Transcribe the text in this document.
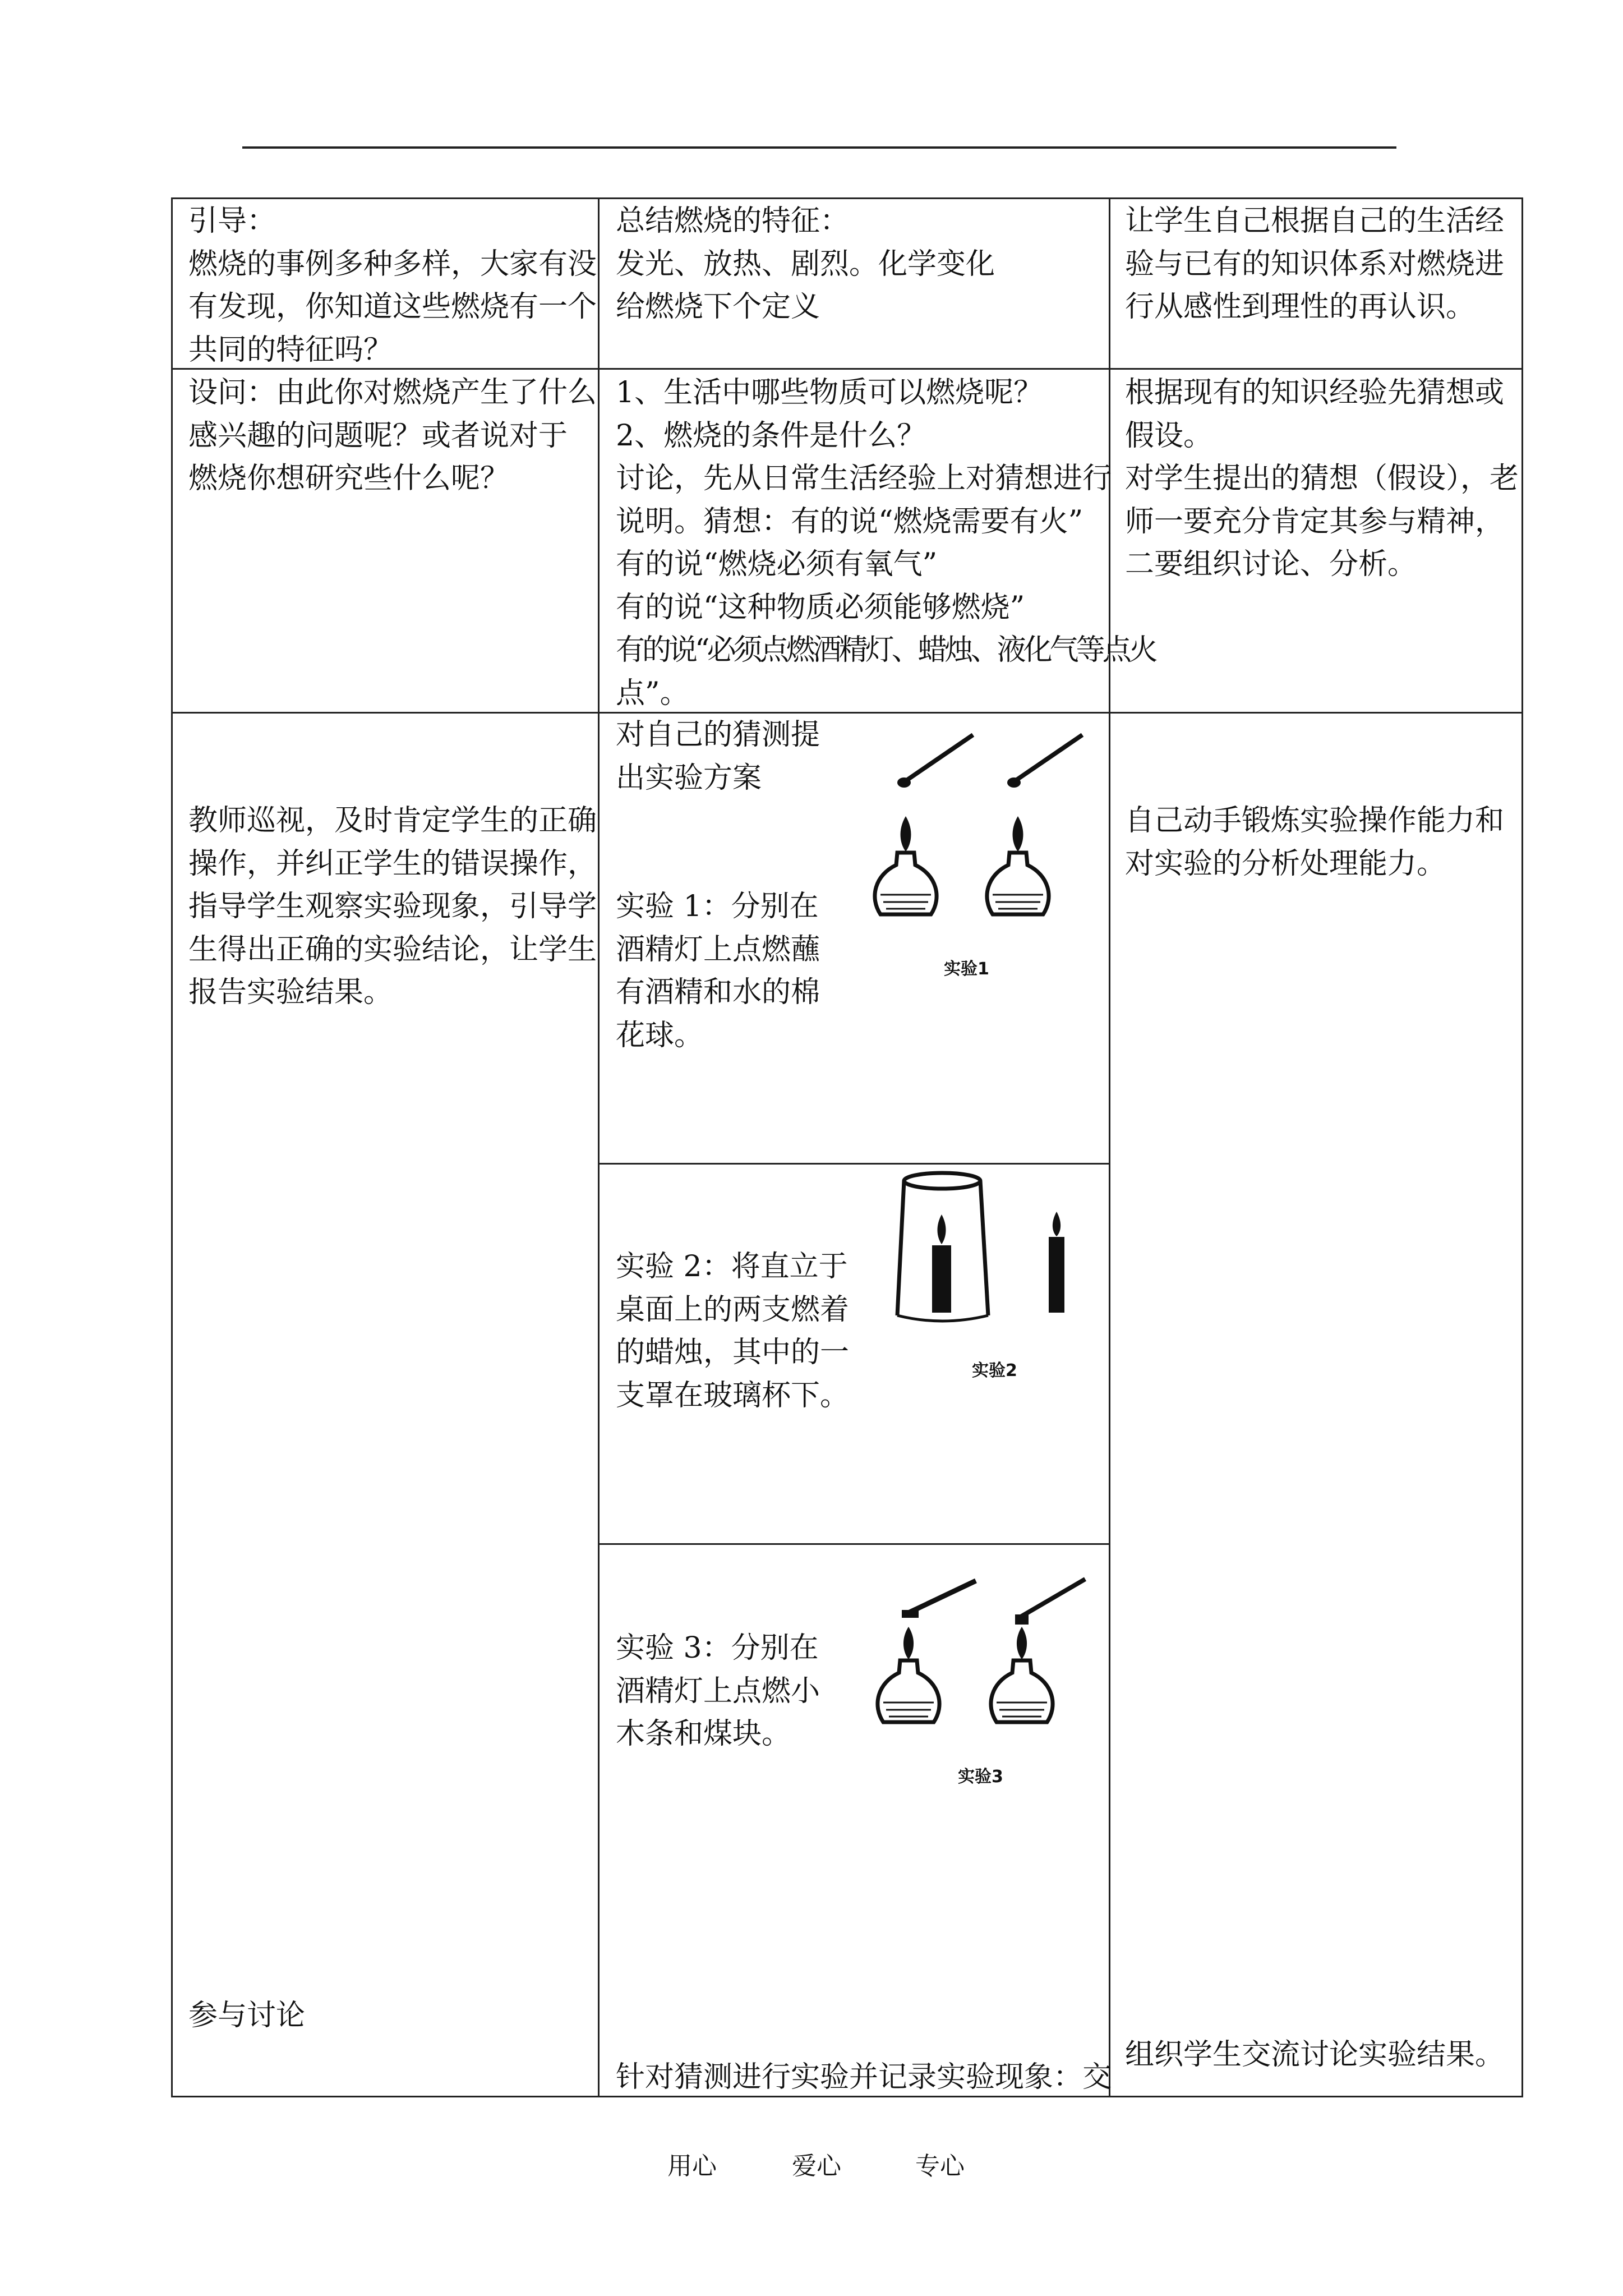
引导：
燃烧的事例多种多样，大家有没
有发现，你知道这些燃烧有一个
共同的特征吗？
总结燃烧的特征：
发光、放热、剧烈。化学变化
给燃烧下个定义
让学生自己根据自己的生活经
验与已有的知识体系对燃烧进
行从感性到理性的再认识。
设问：由此你对燃烧产生了什么
感兴趣的问题呢？或者说对于
燃烧你想研究些什么呢？
1、生活中哪些物质可以燃烧呢？
2、燃烧的条件是什么？
讨论，先从日常生活经验上对猜想进行
说明。猜想：有的说“燃烧需要有火”
有的说“燃烧必须有氧气”
有的说“这种物质必须能够燃烧”
有的说“必须点燃酒精灯、蜡烛、液化气等点火
点”。
根据现有的知识经验先猜想或
假设。
对学生提出的猜想（假设），老
师一要充分肯定其参与精神，
二要组织讨论、分析。
教师巡视，及时肯定学生的正确
操作，并纠正学生的错误操作，
指导学生观察实验现象，引导学
生得出正确的实验结论，让学生
报告实验结果。
参与讨论
自己动手锻炼实验操作能力和
对实验的分析处理能力。
组织学生交流讨论实验结果。
对自己的猜测提
出实验方案

实验 1：分别在
酒精灯上点燃蘸
有酒精和水的棉
花球。
实验1
实验 2：将直立于
桌面上的两支燃着
的蜡烛，其中的一
支罩在玻璃杯下。
实验2
实验 3：分别在
酒精灯上点燃小
木条和煤块。
实验3
针对猜测进行实验并记录实验现象：交
用心	爱心	专心
